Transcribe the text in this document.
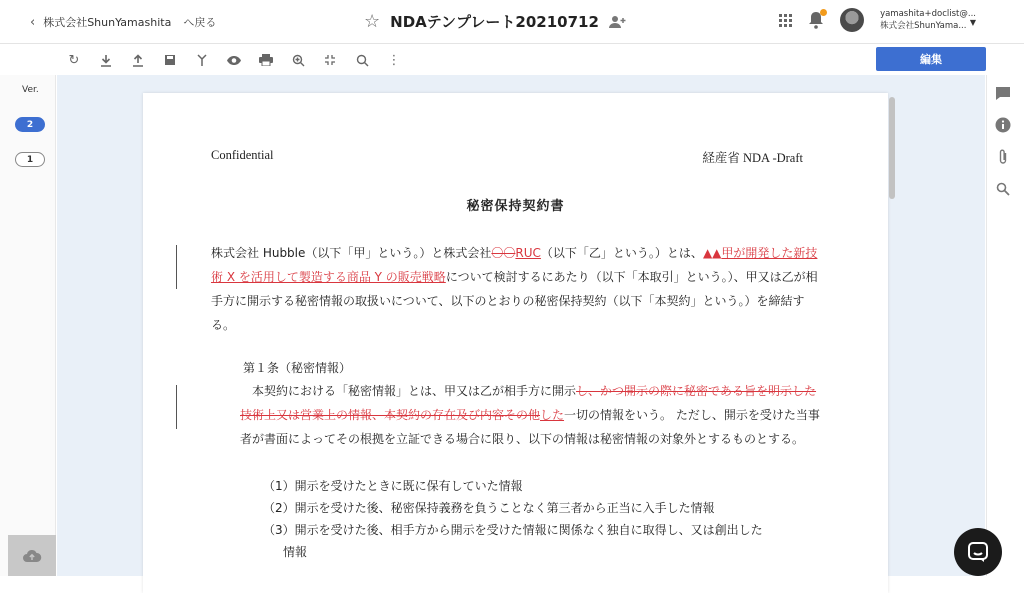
‹ 株式会社ShunYamashita へ戻る	☆ NDAテンプレート20210712	yamashita+doclist@...
株式会社ShunYama... ▼
↻	⋮	編集
Ver.
2
1	Confidential	経産省 NDA -Draft
秘密保持契約書
株式会社 Hubble（以下「甲」という。）と株式会社〇〇RUC（以下「乙」という。）とは、▲▲甲が開発した新技術 X を活用して製造する商品 Y の販売戦略について検討するにあたり（以下「本取引」という。）、甲又は乙が相手方に開示する秘密情報の取扱いについて、以下のとおりの秘密保持契約（以下「本契約」という。）を締結する。
第１条（秘密情報）
　本契約における「秘密情報」とは、甲又は乙が相手方に開示し、かつ開示の際に秘密である旨を明示した技術上又は営業上の情報、本契約の存在及び内容その他した一切の情報をいう。 ただし、開示を受けた当事者が書面によってその根拠を立証できる場合に限り、以下の情報は秘密情報の対象外とするものとする。
（1）開示を受けたときに既に保有していた情報
（2）開示を受けた後、秘密保持義務を負うことなく第三者から正当に入手した情報
（3）開示を受けた後、相手方から開示を受けた情報に関係なく独自に取得し、又は創出した
情報
